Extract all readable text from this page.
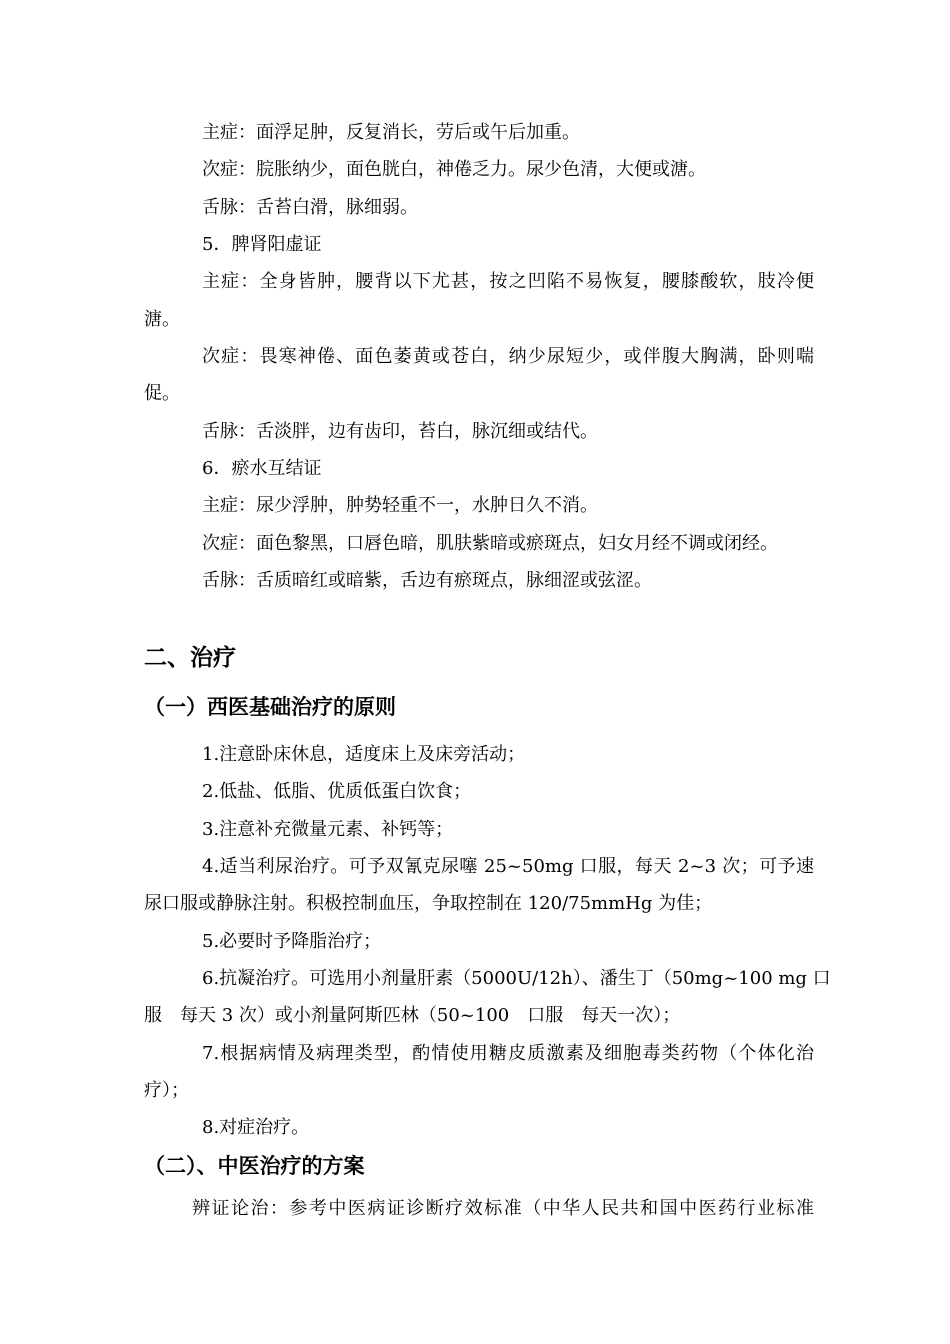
主症：面浮足肿，反复消长，劳后或午后加重。
次症：脘胀纳少，面色胱白，神倦乏力。尿少色清，大便或溏。
舌脉：舌苔白滑，脉细弱。
5．脾肾阳虚证
主症：全身皆肿，腰背以下尤甚，按之凹陷不易恢复，腰膝酸软，肢冷便
溏。
次症：畏寒神倦、面色萎黄或苍白，纳少尿短少，或伴腹大胸满，卧则喘
促。
舌脉：舌淡胖，边有齿印，苔白，脉沉细或结代。
6．瘀水互结证
主症：尿少浮肿，肿势轻重不一，水肿日久不消。
次症：面色黎黑，口唇色暗，肌肤紫暗或瘀斑点，妇女月经不调或闭经。
舌脉：舌质暗红或暗紫，舌边有瘀斑点，脉细涩或弦涩。
二、治疗
（一）西医基础治疗的原则
1.注意卧床休息，适度床上及床旁活动；
2.低盐、低脂、优质低蛋白饮食；
3.注意补充微量元素、补钙等；
4.适当利尿治疗。可予双氰克尿噻 25~50mg 口服，每天 2~3 次；可予速
尿口服或静脉注射。积极控制血压，争取控制在 120/75mmHg 为佳；
5.必要时予降脂治疗；
6.抗凝治疗。可选用小剂量肝素（5000U/12h）、潘生丁（50mg~100 mg 口
服　每天 3 次）或小剂量阿斯匹林（50~100　口服　每天一次）；
7.根据病情及病理类型，酌情使用糖皮质激素及细胞毒类药物（个体化治
疗）；
8.对症治疗。
（二）、中医治疗的方案
辨证论治：参考中医病证诊断疗效标准（中华人民共和国中医药行业标准
